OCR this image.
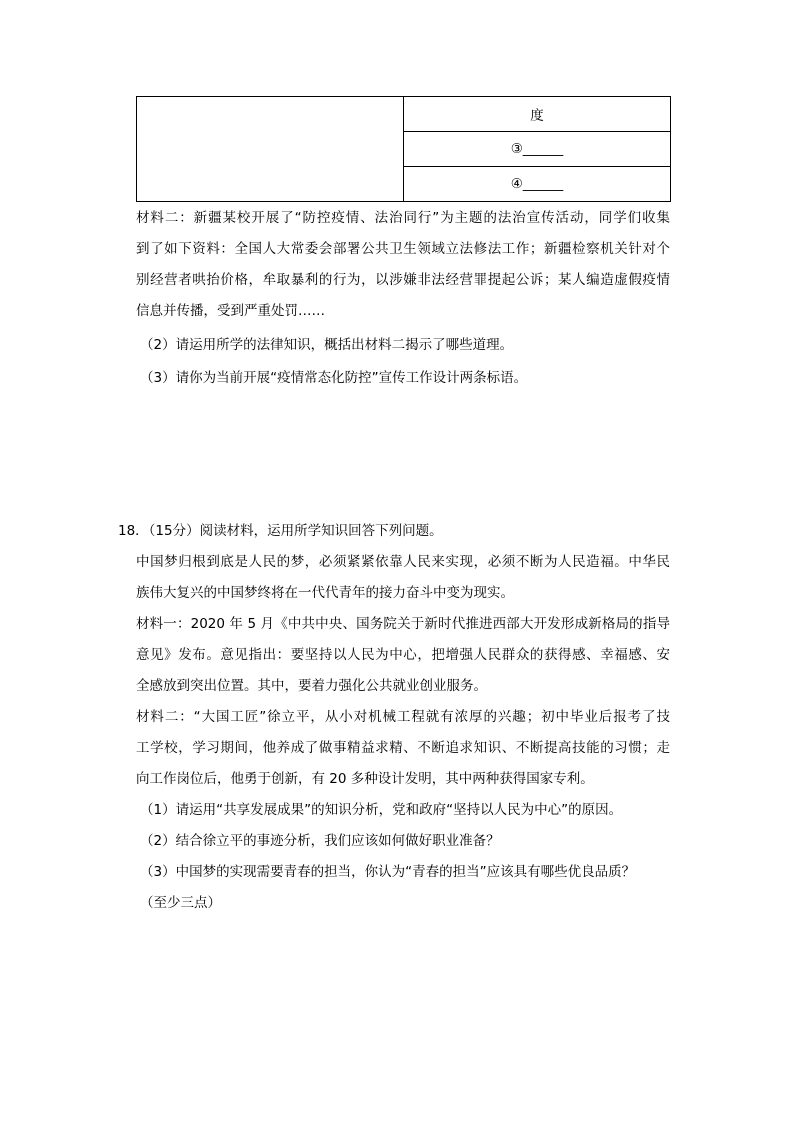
	度
③______
④______
材料二：新疆某校开展了“防控疫情、法治同行”为主题的法治宣传活动，同学们收集
到了如下资料：全国人大常委会部署公共卫生领域立法修法工作；新疆检察机关针对个
别经营者哄抬价格，牟取暴利的行为，以涉嫌非法经营罪提起公诉；某人编造虚假疫情
信息并传播，受到严重处罚……
（2）请运用所学的法律知识，概括出材料二揭示了哪些道理。
（3）请你为当前开展“疫情常态化防控”宣传工作设计两条标语。
18．（15分）阅读材料，运用所学知识回答下列问题。
中国梦归根到底是人民的梦，必须紧紧依靠人民来实现，必须不断为人民造福。中华民
族伟大复兴的中国梦终将在一代代青年的接力奋斗中变为现实。
材料一：2020 年 5 月《中共中央、国务院关于新时代推进西部大开发形成新格局的指导
意见》发布。意见指出：要坚持以人民为中心，把增强人民群众的获得感、幸福感、安
全感放到突出位置。其中，要着力强化公共就业创业服务。
材料二：“大国工匠”徐立平，从小对机械工程就有浓厚的兴趣；初中毕业后报考了技
工学校，学习期间，他养成了做事精益求精、不断追求知识、不断提高技能的习惯；走
向工作岗位后，他勇于创新，有 20 多种设计发明，其中两种获得国家专利。
（1）请运用“共享发展成果”的知识分析，党和政府“坚持以人民为中心”的原因。
（2）结合徐立平的事迹分析，我们应该如何做好职业准备？
（3）中国梦的实现需要青春的担当，你认为“青春的担当”应该具有哪些优良品质？
（至少三点）
